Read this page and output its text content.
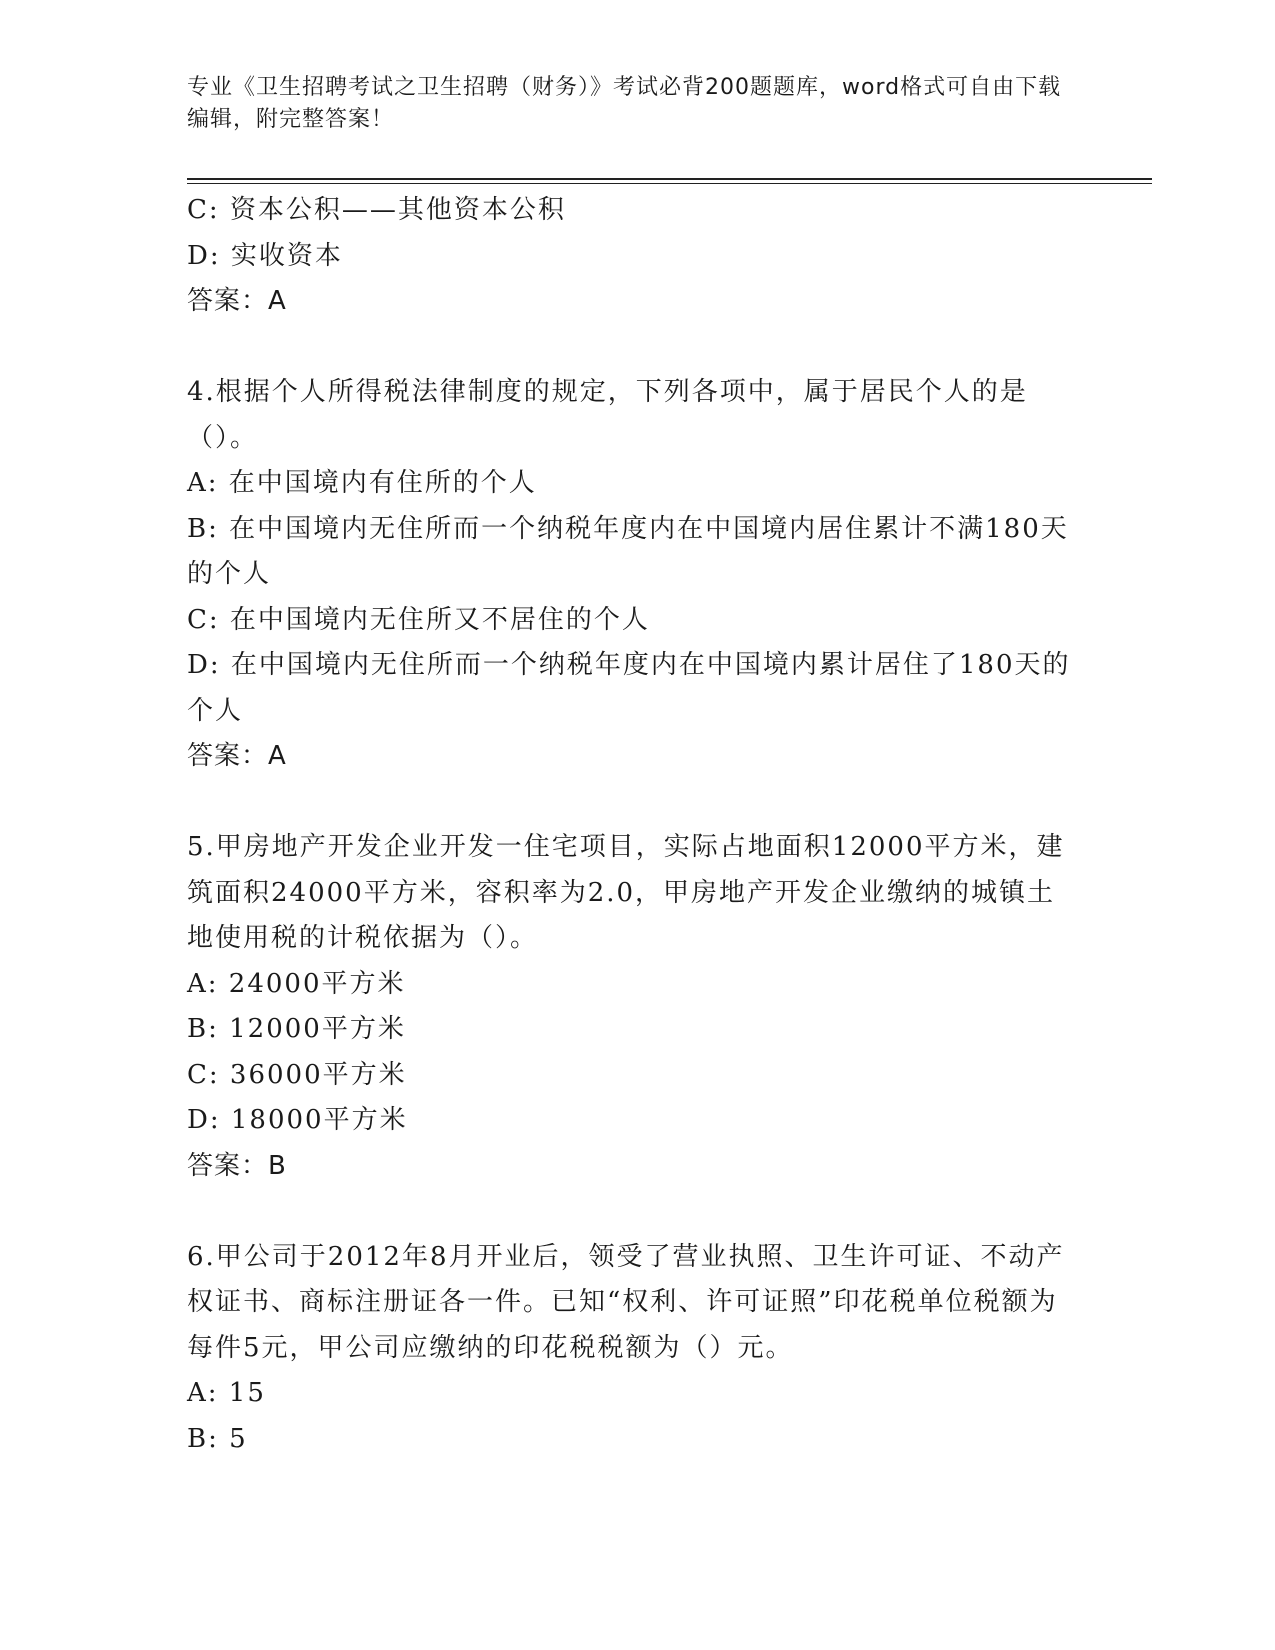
专业《卫生招聘考试之卫生招聘（财务）》考试必背200题题库，word格式可自由下载编辑，附完整答案！
C: 资本公积——其他资本公积
D: 实收资本
答案：A
4.根据个人所得税法律制度的规定，下列各项中，属于居民个人的是（）。
A: 在中国境内有住所的个人
B: 在中国境内无住所而一个纳税年度内在中国境内居住累计不满180天的个人
C: 在中国境内无住所又不居住的个人
D: 在中国境内无住所而一个纳税年度内在中国境内累计居住了180天的个人
答案：A
5.甲房地产开发企业开发一住宅项目，实际占地面积12000平方米，建筑面积24000平方米，容积率为2.0，甲房地产开发企业缴纳的城镇土地使用税的计税依据为（）。
A: 24000平方米
B: 12000平方米
C: 36000平方米
D: 18000平方米
答案：B
6.甲公司于2012年8月开业后，领受了营业执照、卫生许可证、不动产权证书、商标注册证各一件。已知“权利、许可证照”印花税单位税额为每件5元，甲公司应缴纳的印花税税额为（）元。
A: 15
B: 5
